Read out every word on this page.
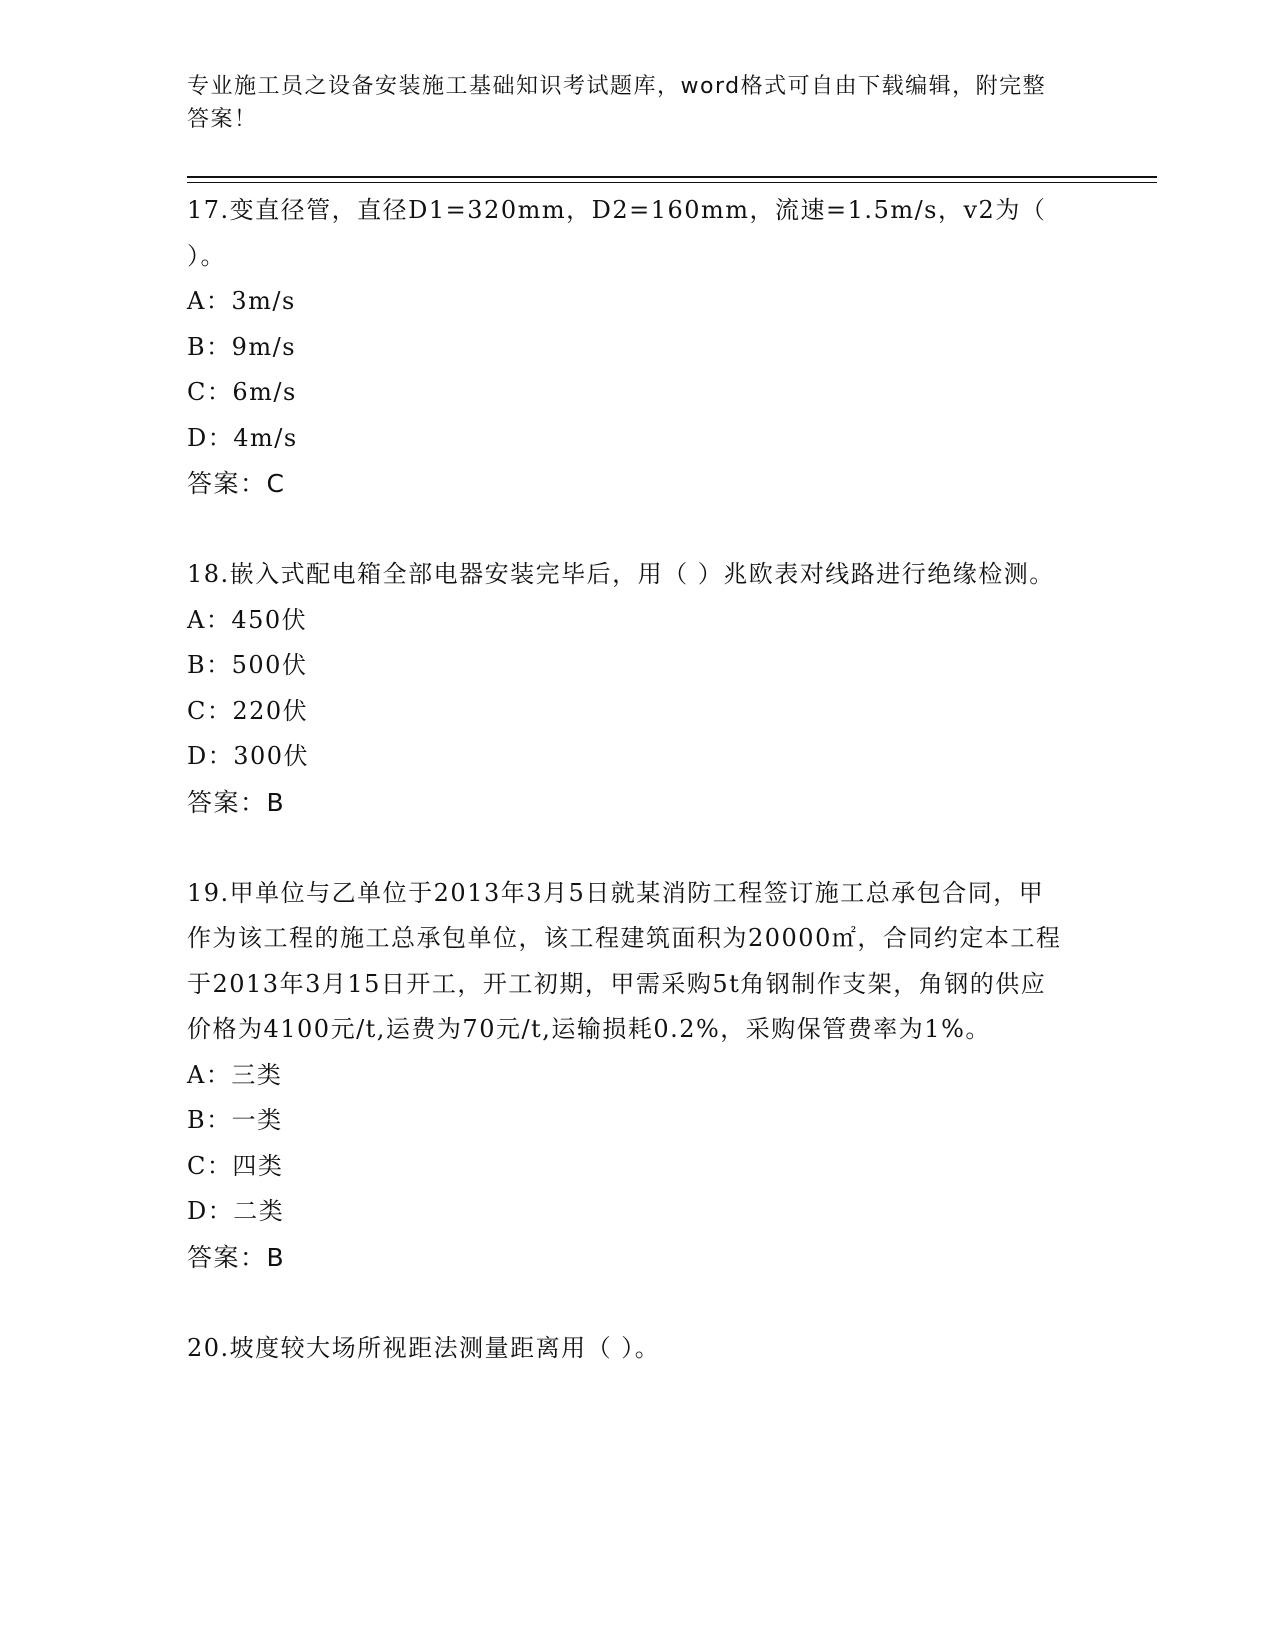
专业施工员之设备安装施工基础知识考试题库，word格式可自由下载编辑，附完整答案！
17.变直径管，直径D1=320mm，D2=160mm，流速=1.5m/s，v2为（ ）。
A：3m/s
B：9m/s
C：6m/s
D：4m/s
答案：C
18.嵌入式配电箱全部电器安装完毕后，用（ ）兆欧表对线路进行绝缘检测。
A：450伏
B：500伏
C：220伏
D：300伏
答案：B
19.甲单位与乙单位于2013年3月5日就某消防工程签订施工总承包合同，甲作为该工程的施工总承包单位，该工程建筑面积为20000㎡，合同约定本工程于2013年3月15日开工，开工初期，甲需采购5t角钢制作支架，角钢的供应价格为4100元/t,运费为70元/t,运输损耗0.2%，采购保管费率为1%。
A：三类
B：一类
C：四类
D：二类
答案：B
20.坡度较大场所视距法测量距离用（ ）。
